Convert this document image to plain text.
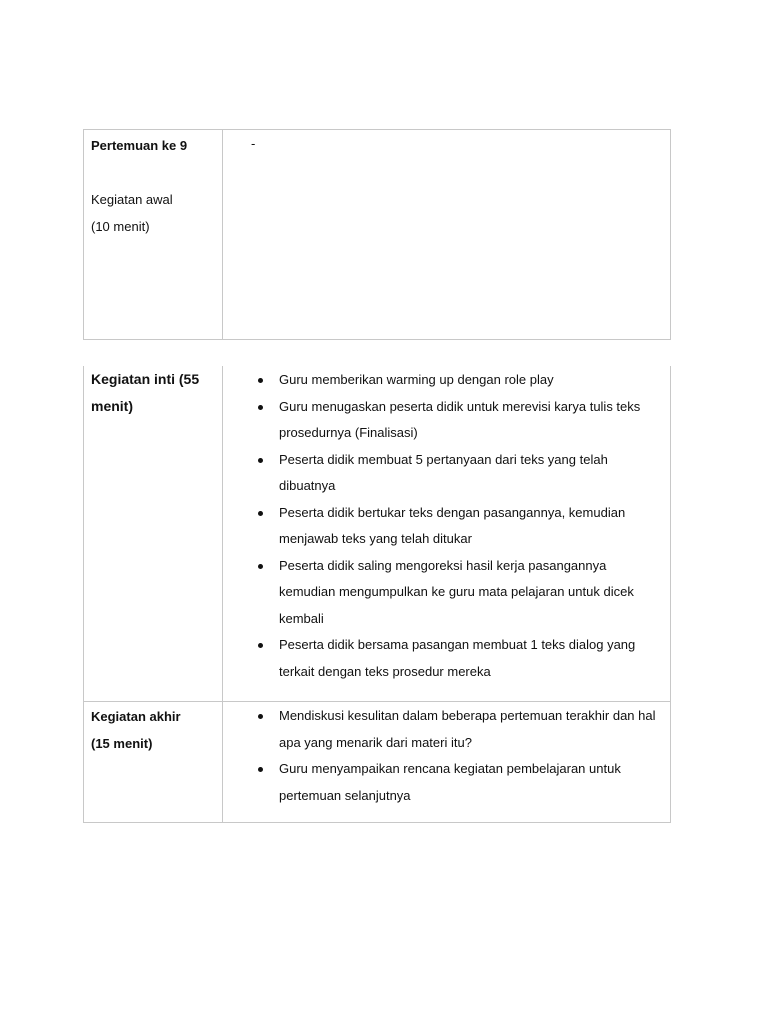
Pertemuan ke 9
Kegiatan awal
(10 menit)
-
Kegiatan inti (55 menit)
Guru memberikan warming up dengan role play
Guru menugaskan peserta didik untuk merevisi karya tulis teks prosedurnya (Finalisasi)
Peserta didik membuat 5 pertanyaan dari teks yang telah dibuatnya
Peserta didik bertukar teks dengan pasangannya, kemudian menjawab teks yang telah ditukar
Peserta didik saling mengoreksi hasil kerja pasangannya kemudian mengumpulkan ke guru mata pelajaran untuk dicek kembali
Peserta didik bersama pasangan membuat 1 teks dialog yang terkait dengan teks prosedur mereka
Kegiatan akhir
(15 menit)
Mendiskusi kesulitan dalam beberapa pertemuan terakhir dan hal apa yang menarik dari materi itu?
Guru menyampaikan rencana kegiatan pembelajaran untuk pertemuan selanjutnya
